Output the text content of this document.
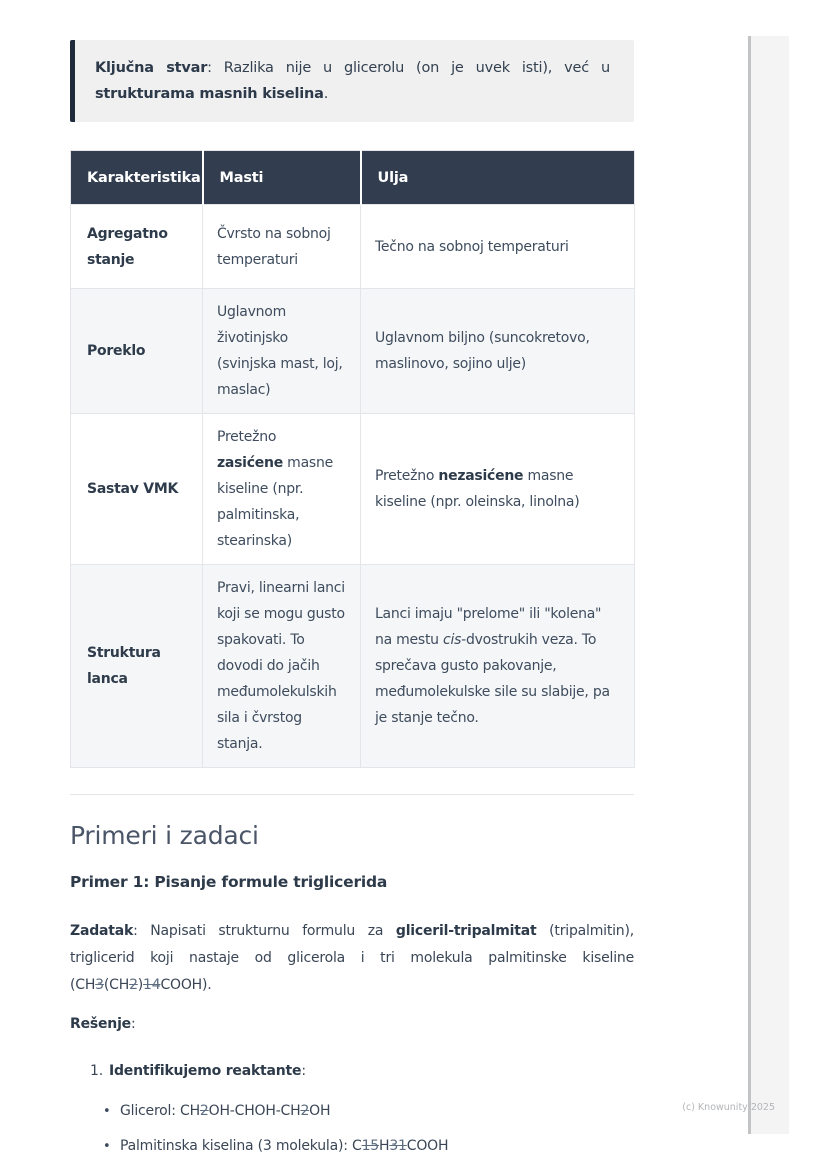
Ključna stvar: Razlika nije u glicerolu (on je uvek isti), već u strukturama masnih kiselina.

Karakteristika	Masti	Ulja
Agregatno stanje	Čvrsto na sobnoj temperaturi	Tečno na sobnoj temperaturi
Poreklo	Uglavnom životinjsko (svinjska mast, loj, maslac)	Uglavnom biljno (suncokretovo, maslinovo, sojino ulje)
Sastav VMK	Pretežno zasićene masne kiseline (npr. palmitinska, stearinska)	Pretežno nezasićene masne kiseline (npr. oleinska, linolna)
Struktura lanca	Pravi, linearni lanci koji se mogu gusto spakovati. To dovodi do jačih međumolekulskih sila i čvrstog stanja.	Lanci imaju "prelome" ili "kolena" na mestu cis-dvostrukih veza. To sprečava gusto pakovanje, međumolekulske sile su slabije, pa je stanje tečno.
Primeri i zadaci
Primer 1: Pisanje formule triglicerida

Zadatak: Napisati strukturnu formulu za gliceril-tripalmitat (tripalmitin), triglicerid koji nastaje od glicerola i tri molekula palmitinske kiseline (CH3(CH2)14COOH).

Rešenje:

1. Identifikujemo reaktante:
•
Glicerol: CH2OH-CHOH-CH2OH
•
Palmitinska kiselina (3 molekula): C15H31COOH
(c) Knowunity 2025
